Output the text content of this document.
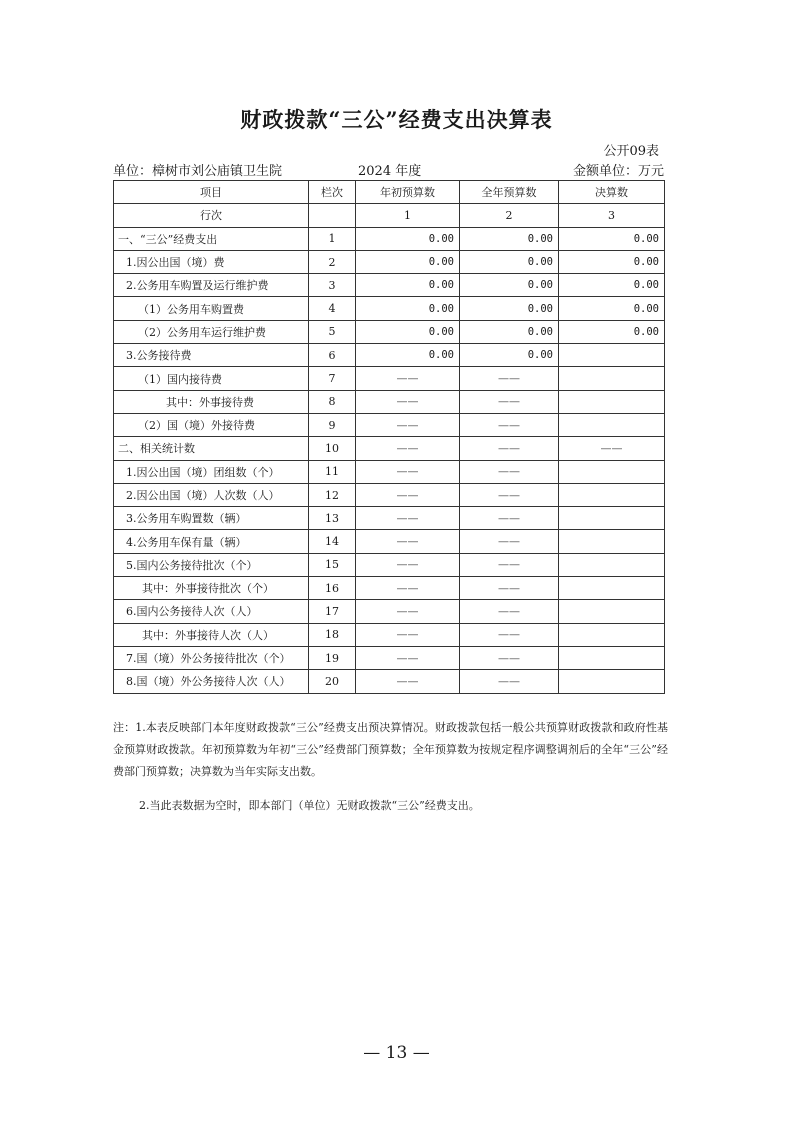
财政拨款“三公”经费支出决算表
公开09表
单位：樟树市刘公庙镇卫生院	2024 年度	金额单位：万元
项目	栏次	年初预算数	全年预算数	决算数
行次		1	2	3
一、“三公”经费支出	1	0.00	0.00	0.00
1.因公出国（境）费	2	0.00	0.00	0.00
2.公务用车购置及运行维护费	3	0.00	0.00	0.00
（1）公务用车购置费	4	0.00	0.00	0.00
（2）公务用车运行维护费	5	0.00	0.00	0.00
3.公务接待费	6	0.00	0.00	
（1）国内接待费	7	——	——	
其中：外事接待费	8	——	——	
（2）国（境）外接待费	9	——	——	
二、相关统计数	10	——	——	——
1.因公出国（境）团组数（个）	11	——	——	
2.因公出国（境）人次数（人）	12	——	——	
3.公务用车购置数（辆）	13	——	——	
4.公务用车保有量（辆）	14	——	——	
5.国内公务接待批次（个）	15	——	——	
其中：外事接待批次（个）	16	——	——	
6.国内公务接待人次（人）	17	——	——	
其中：外事接待人次（人）	18	——	——	
7.国（境）外公务接待批次（个）	19	——	——	
8.国（境）外公务接待人次（人）	20	——	——	

注：1.本表反映部门本年度财政拨款“三公”经费支出预决算情况。财政拨款包括一般公共预算财政拨款和政府性基金预算财政拨款。年初预算数为年初“三公”经费部门预算数；全年预算数为按规定程序调整调剂后的全年“三公”经费部门预算数；决算数为当年实际支出数。

2.当此表数据为空时，即本部门（单位）无财政拨款“三公”经费支出。

— 13 —
